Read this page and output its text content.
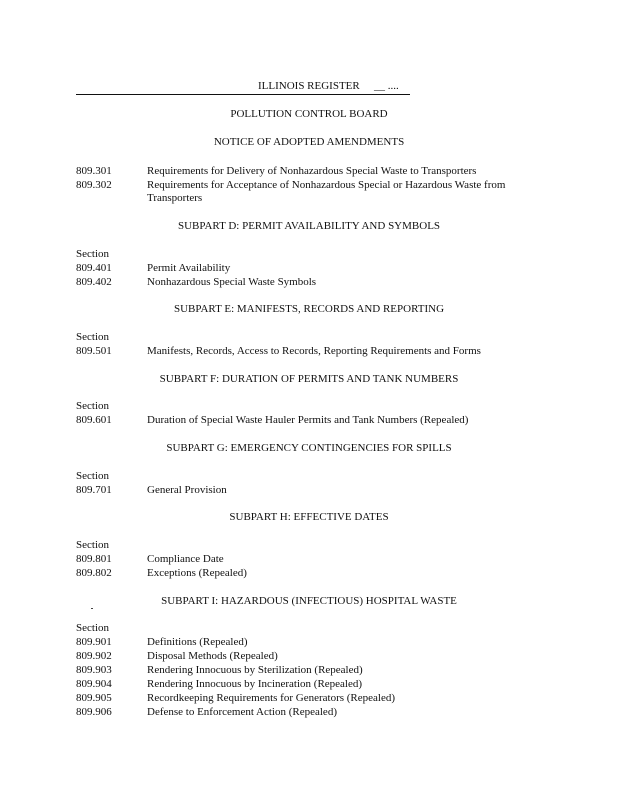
ILLINOIS REGISTER __ ....
POLLUTION CONTROL BOARD
NOTICE OF ADOPTED AMENDMENTS
809.301	Requirements for Delivery of Nonhazardous Special Waste to Transporters
809.302	Requirements for Acceptance of Nonhazardous Special or Hazardous Waste from
Transporters
SUBPART D: PERMIT AVAILABILITY AND SYMBOLS
Section
809.401	Permit Availability
809.402	Nonhazardous Special Waste Symbols
SUBPART E: MANIFESTS, RECORDS AND REPORTING
Section
809.501	Manifests, Records, Access to Records, Reporting Requirements and Forms
SUBPART F: DURATION OF PERMITS AND TANK NUMBERS
Section
809.601	Duration of Special Waste Hauler Permits and Tank Numbers (Repealed)
SUBPART G: EMERGENCY CONTINGENCIES FOR SPILLS
Section
809.701	General Provision
SUBPART H: EFFECTIVE DATES
Section
809.801	Compliance Date
809.802	Exceptions (Repealed)
SUBPART I: HAZARDOUS (INFECTIOUS) HOSPITAL WASTE
Section
809.901	Definitions (Repealed)
809.902	Disposal Methods (Repealed)
809.903	Rendering Innocuous by Sterilization (Repealed)
809.904	Rendering Innocuous by Incineration (Repealed)
809.905	Recordkeeping Requirements for Generators (Repealed)
809.906	Defense to Enforcement Action (Repealed)
